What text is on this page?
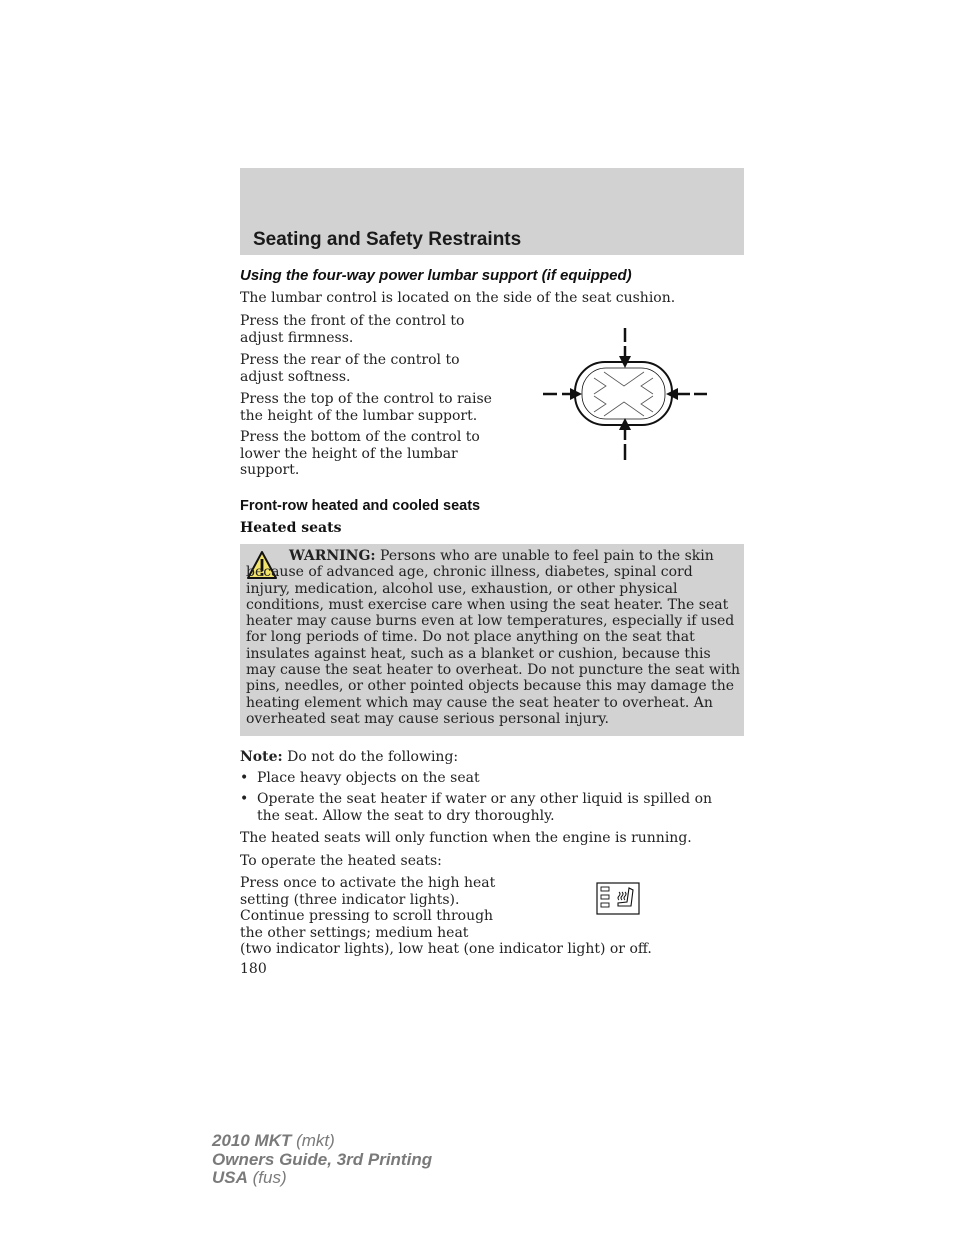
Seating and Safety Restraints
Using the four-way power lumbar support (if equipped)
The lumbar control is located on the side of the seat cushion.
Press the front of the control to
adjust firmness.
Press the rear of the control to
adjust softness.
Press the top of the control to raise
the height of the lumbar support.
Press the bottom of the control to
lower the height of the lumbar
support.
Front-row heated and cooled seats
Heated seats
WARNING: Persons who are unable to feel pain to the skin because of advanced age, chronic illness, diabetes, spinal cord injury, medication, alcohol use, exhaustion, or other physical conditions, must exercise care when using the seat heater. The seat heater may cause burns even at low temperatures, especially if used for long periods of time. Do not place anything on the seat that insulates against heat, such as a blanket or cushion, because this may cause the seat heater to overheat. Do not puncture the seat with pins, needles, or other pointed objects because this may damage the heating element which may cause the seat heater to overheat. An overheated seat may cause serious personal injury.
Note: Do not do the following:
• Place heavy objects on the seat
• Operate the seat heater if water or any other liquid is spilled on the seat. Allow the seat to dry thoroughly.
The heated seats will only function when the engine is running.
To operate the heated seats:
Press once to activate the high heat
setting (three indicator lights).
Continue pressing to scroll through
the other settings; medium heat
(two indicator lights), low heat (one indicator light) or off.
180
2010 MKT (mkt)
Owners Guide, 3rd Printing
USA (fus)
